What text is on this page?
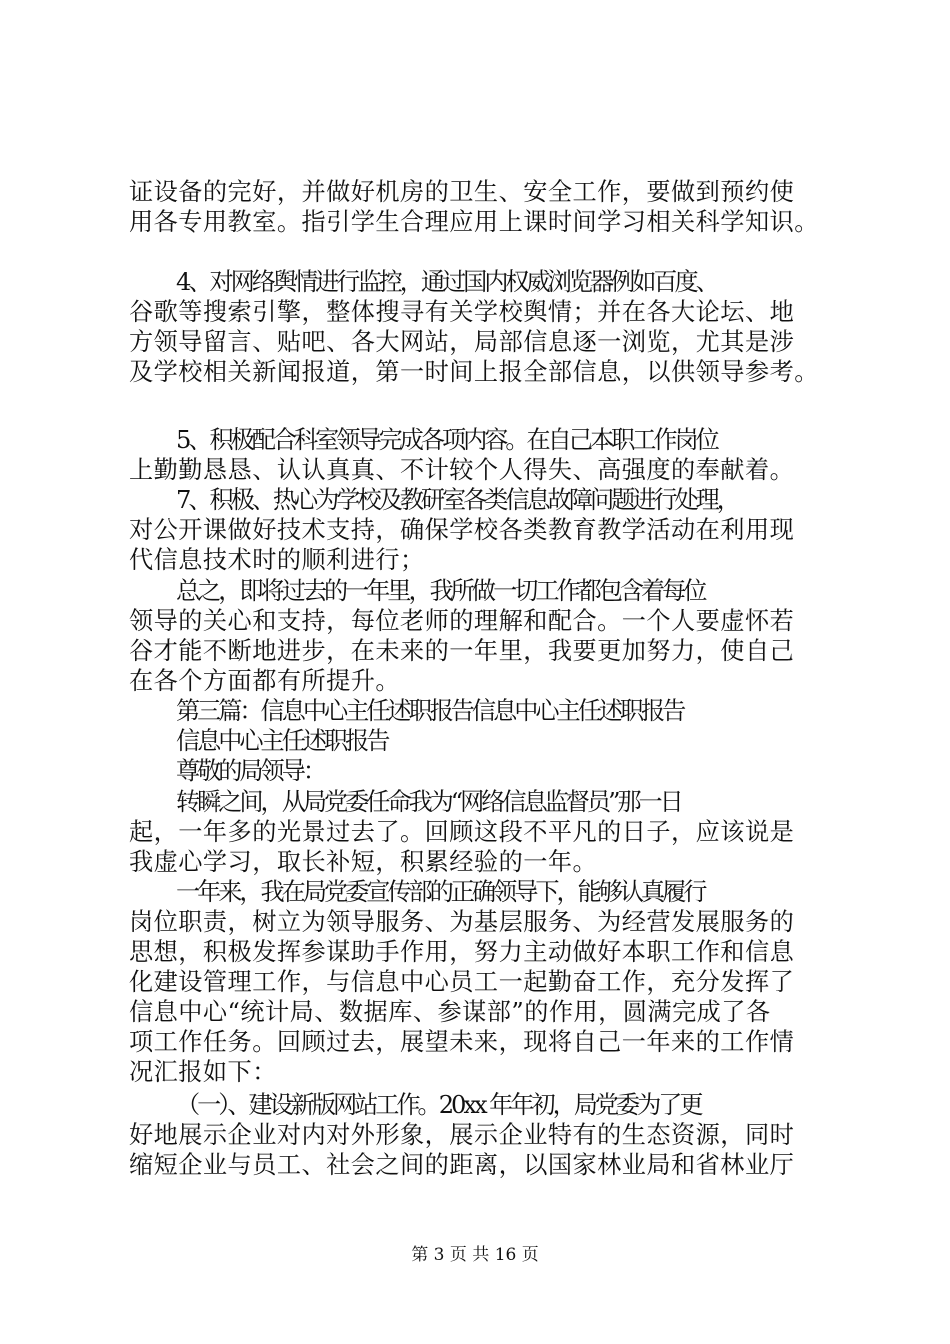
证设备的完好，并做好机房的卫生、安全工作，要做到预约使
用各专用教室。指引学生合理应用上课时间学习相关科学知识。
4、对网络舆情进行监控，通过国内权威浏览器例如百度、
谷歌等搜索引擎，整体搜寻有关学校舆情；并在各大论坛、地
方领导留言、贴吧、各大网站，局部信息逐一浏览，尤其是涉
及学校相关新闻报道，第一时间上报全部信息，以供领导参考。
5、积极配合科室领导完成各项内容。在自己本职工作岗位
上勤勤恳恳、认认真真、不计较个人得失、高强度的奉献着。
7、积极、热心为学校及教研室各类信息故障问题进行处理，
对公开课做好技术支持，确保学校各类教育教学活动在利用现
代信息技术时的顺利进行；
总之，即将过去的一年里，我所做一切工作都包含着每位
领导的关心和支持，每位老师的理解和配合。一个人要虚怀若
谷才能不断地进步，在未来的一年里，我要更加努力，使自己
在各个方面都有所提升。
第三篇：信息中心主任述职报告信息中心主任述职报告
信息中心主任述职报告
尊敬的局领导：
转瞬之间，从局党委任命我为“网络信息监督员”那一日
起，一年多的光景过去了。回顾这段不平凡的日子，应该说是
我虚心学习，取长补短，积累经验的一年。
一年来，我在局党委宣传部的正确领导下，能够认真履行
岗位职责，树立为领导服务、为基层服务、为经营发展服务的
思想，积极发挥参谋助手作用，努力主动做好本职工作和信息
化建设管理工作，与信息中心员工一起勤奋工作，充分发挥了
信息中心“统计局、数据库、参谋部”的作用，圆满完成了各
项工作任务。回顾过去，展望未来，现将自己一年来的工作情
况汇报如下：
（一）、建设新版网站工作。20xx 年年初，局党委为了更
好地展示企业对内对外形象，展示企业特有的生态资源，同时
缩短企业与员工、社会之间的距离，以国家林业局和省林业厅
第 3 页 共 16 页
